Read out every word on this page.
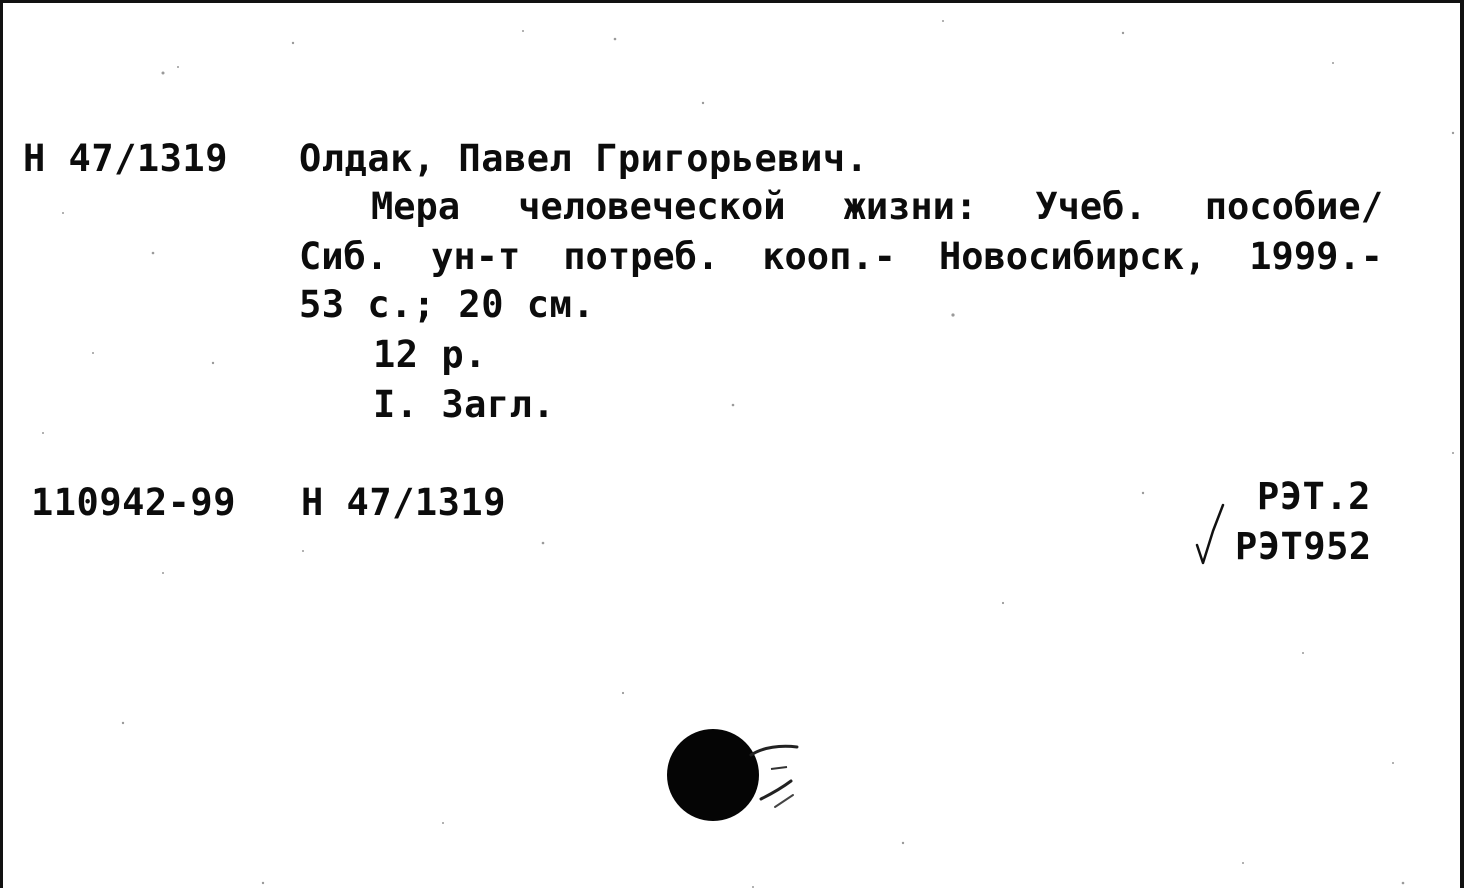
Н 47/1319 Олдак, Павел Григорьевич.

Мера человеческой жизни: Учеб. пособие/
Сиб. ун-т потреб. кооп.- Новосибирск, 1999.-

53 с.; 20 см.

12 р.

I. Загл.

110942-99 Н 47/1319	РЭТ.2

РЭТ952
